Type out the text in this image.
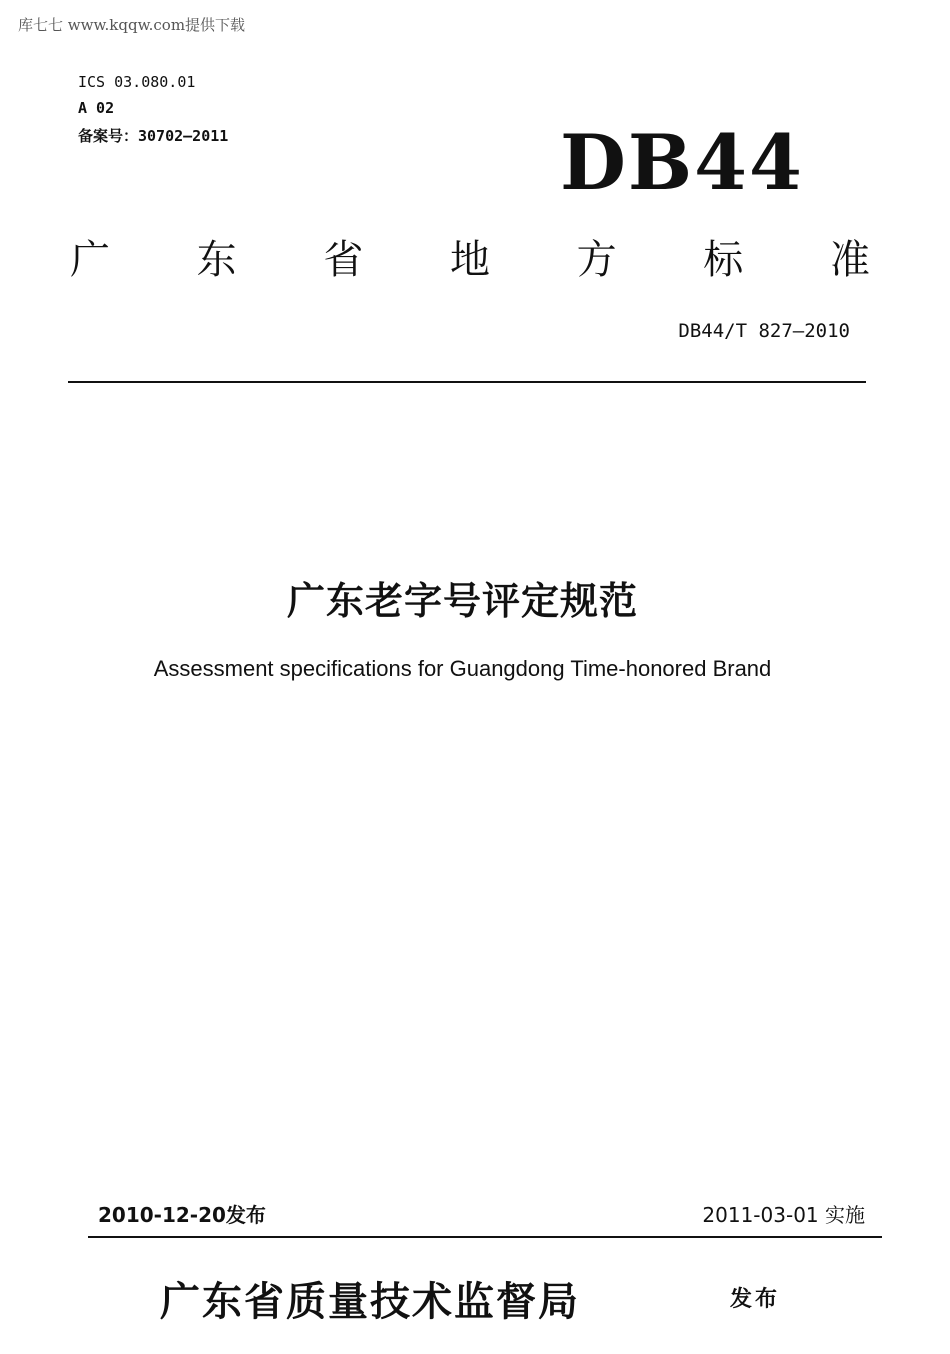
库七七 www.kqqw.com提供下载
ICS 03.080.01
A 02
备案号：30702—2011	DB44
广 东 省 地 方 标 准
DB44/T 827—2010
广东老字号评定规范
Assessment specifications for Guangdong Time-honored Brand
2010-12-20发布	2011-03-01 实施
广东省质量技术监督局	发布
